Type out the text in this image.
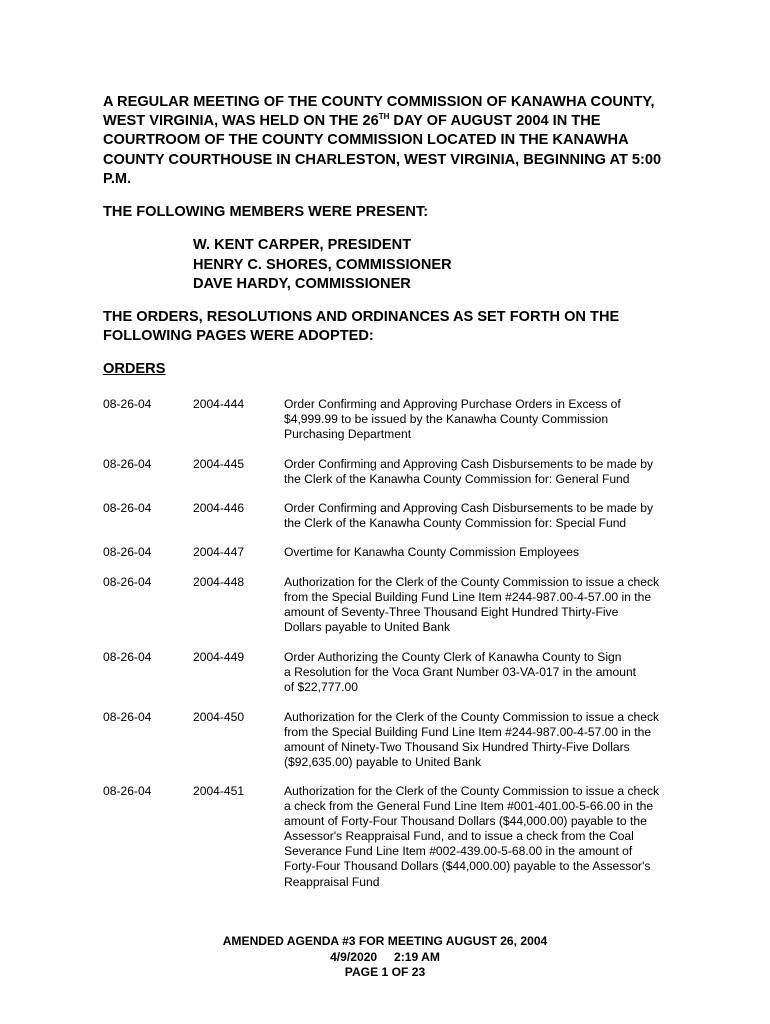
A REGULAR MEETING OF THE COUNTY COMMISSION OF KANAWHA COUNTY, WEST VIRGINIA, WAS HELD ON THE 26TH DAY OF AUGUST 2004 IN THE COURTROOM OF THE COUNTY COMMISSION LOCATED IN THE KANAWHA COUNTY COURTHOUSE IN CHARLESTON, WEST VIRGINIA, BEGINNING AT 5:00 P.M.
THE FOLLOWING MEMBERS WERE PRESENT:
W. KENT CARPER, PRESIDENT
HENRY C. SHORES, COMMISSIONER
DAVE HARDY, COMMISSIONER
THE ORDERS, RESOLUTIONS AND ORDINANCES AS SET FORTH ON THE FOLLOWING PAGES WERE ADOPTED:
ORDERS
08-26-04	2004-444	Order Confirming and Approving Purchase Orders in Excess of
$4,999.99 to be issued by the Kanawha County Commission
Purchasing Department
08-26-04	2004-445	Order Confirming and Approving Cash Disbursements to be made by
the Clerk of the Kanawha County Commission for: General Fund
08-26-04	2004-446	Order Confirming and Approving Cash Disbursements to be made by
the Clerk of the Kanawha County Commission for: Special Fund
08-26-04	2004-447	Overtime for Kanawha County Commission Employees
08-26-04	2004-448	Authorization for the Clerk of the County Commission to issue a check
from the Special Building Fund Line Item #244-987.00-4-57.00 in the
amount of Seventy-Three Thousand Eight Hundred Thirty-Five
Dollars payable to United Bank
08-26-04	2004-449	Order Authorizing the County Clerk of Kanawha County to Sign
a Resolution for the Voca Grant Number 03-VA-017 in the amount
of $22,777.00
08-26-04	2004-450	Authorization for the Clerk of the County Commission to issue a check
from the Special Building Fund Line Item #244-987.00-4-57.00 in the
amount of Ninety-Two Thousand Six Hundred Thirty-Five Dollars
($92,635.00) payable to United Bank
08-26-04	2004-451	Authorization for the Clerk of the County Commission to issue a check
a check from the General Fund Line Item #001-401.00-5-66.00 in the
amount of Forty-Four Thousand Dollars ($44,000.00) payable to the
Assessor's Reappraisal Fund, and to issue a check from the Coal
Severance Fund Line Item #002-439.00-5-68.00 in the amount of
Forty-Four Thousand Dollars ($44,000.00) payable to the Assessor's
Reappraisal Fund
AMENDED AGENDA #3 FOR MEETING AUGUST 26, 2004
4/9/2020 2:19 AM
PAGE 1 OF 23
